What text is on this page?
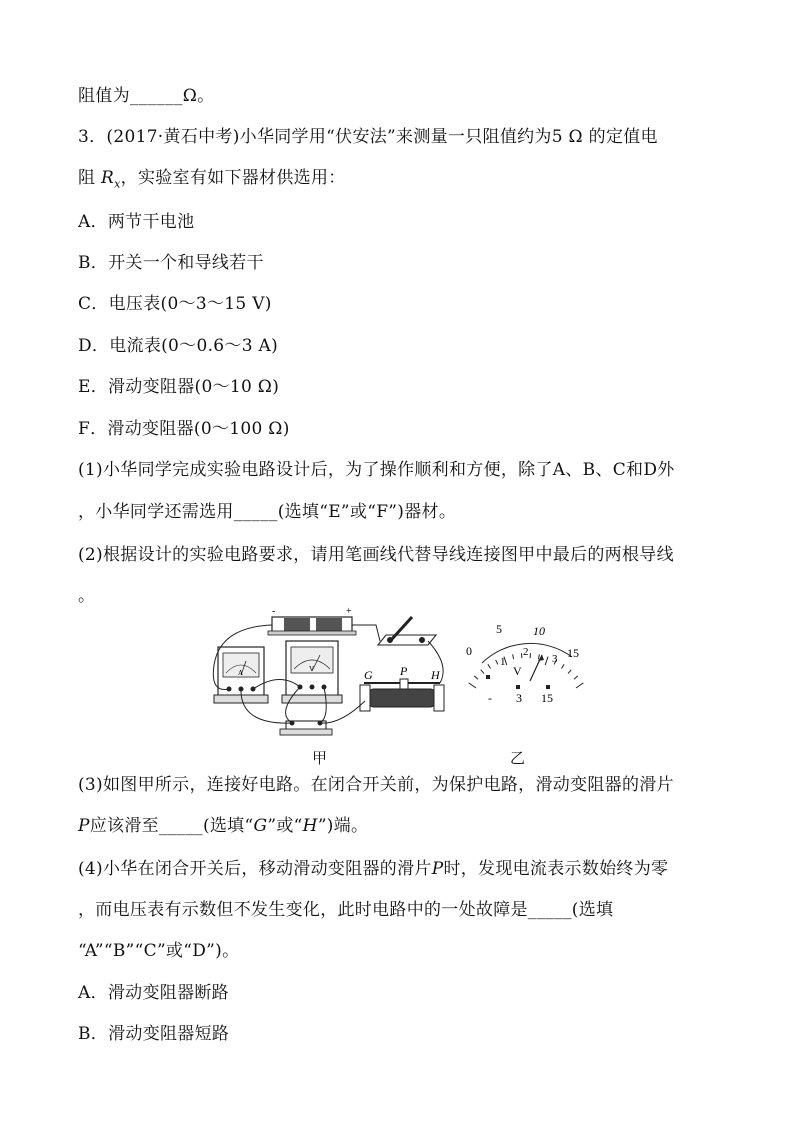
阻值为______Ω。
3．(2017·黄石中考)小华同学用“伏安法”来测量一只阻值约为5 Ω 的定值电
阻 $R_x$，实验室有如下器材供选用：
A．两节干电池
B．开关一个和导线若干
C．电压表(0～3～15 V)
D．电流表(0～0.6～3 A)
E．滑动变阻器(0～10 Ω)
F．滑动变阻器(0～100 Ω)
(1)小华同学完成实验电路设计后，为了操作顺利和方便，除了A、B、C和D外
，小华同学还需选用_____(选填“E”或“F”)器材。
(2)根据设计的实验电路要求，请用笔画线代替导线连接图甲中最后的两根导线
。
-	+
A	V	G P H
0
5	10
15
1
2
3
V
- 3 15
甲	乙
(3)如图甲所示，连接好电路。在闭合开关前，为保护电路，滑动变阻器的滑片
P应该滑至_____(选填“G”或“H”)端。
(4)小华在闭合开关后，移动滑动变阻器的滑片P时，发现电流表示数始终为零
，而电压表有示数但不发生变化，此时电路中的一处故障是_____(选填
“A”“B”“C”或“D”)。
A．滑动变阻器断路
B．滑动变阻器短路
